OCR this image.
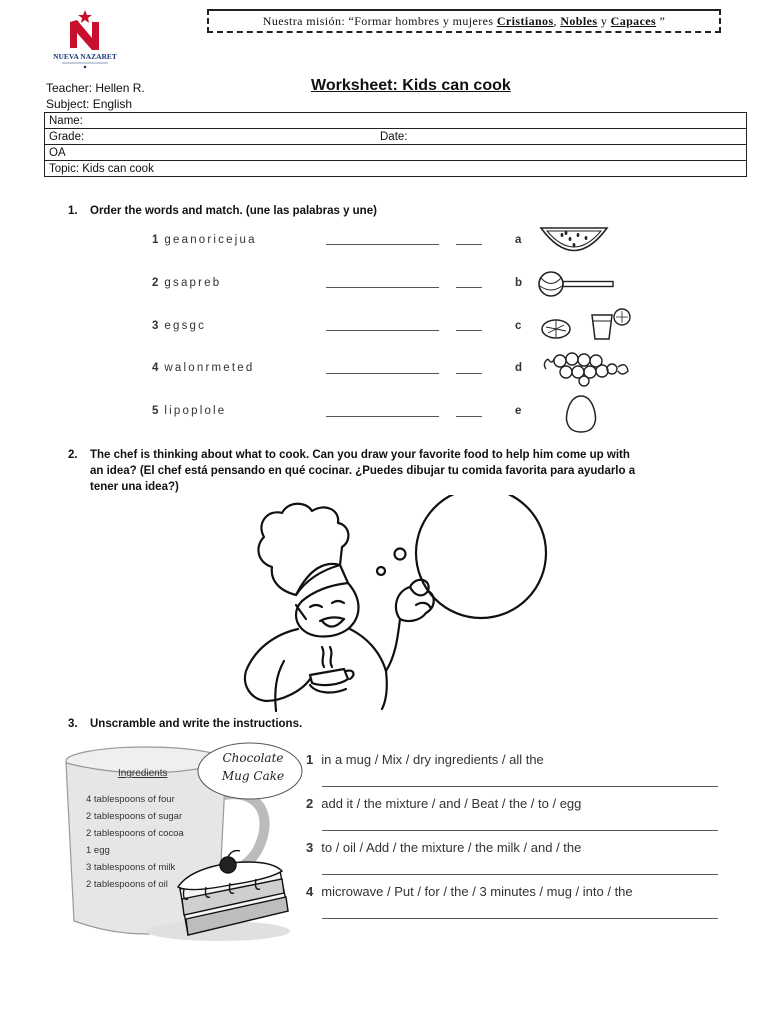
NUEVA NAZARET
Nuestra misión: “Formar hombres y mujeres
Cristianos ,
Nobles
y
Capaces
”
Teacher: Hellen R.
Subject: English
Worksheet: Kids can cook
Name:
Grade:	Date:
OA
Topic: Kids can cook
1. Order the words and match. (une las palabras y une)
1 geanoricejua	a
2 gsapreb	b
3 egsgc	c
4 walonrmeted	d
5 lipoplole	e
2. The chef is thinking about what to cook. Can you draw your favorite food to help him come up with
an idea? (El chef está pensando en qué cocinar. ¿Puedes dibujar tu comida favorita para ayudarlo a
tener una idea?)
3. Unscramble and write the instructions.
Chocolate
Mug Cake
Ingredients
4 tablespoons of four
2 tablespoons of sugar
2 tablespoons of cocoa
1 egg
3 tablespoons of milk
2 tablespoons of oil
1 in a mug / Mix / dry ingredients / all the
2 add it / the mixture / and / Beat / the / to / egg
3 to / oil / Add / the mixture / the milk / and / the
4 microwave / Put / for / the / 3 minutes / mug / into / the
